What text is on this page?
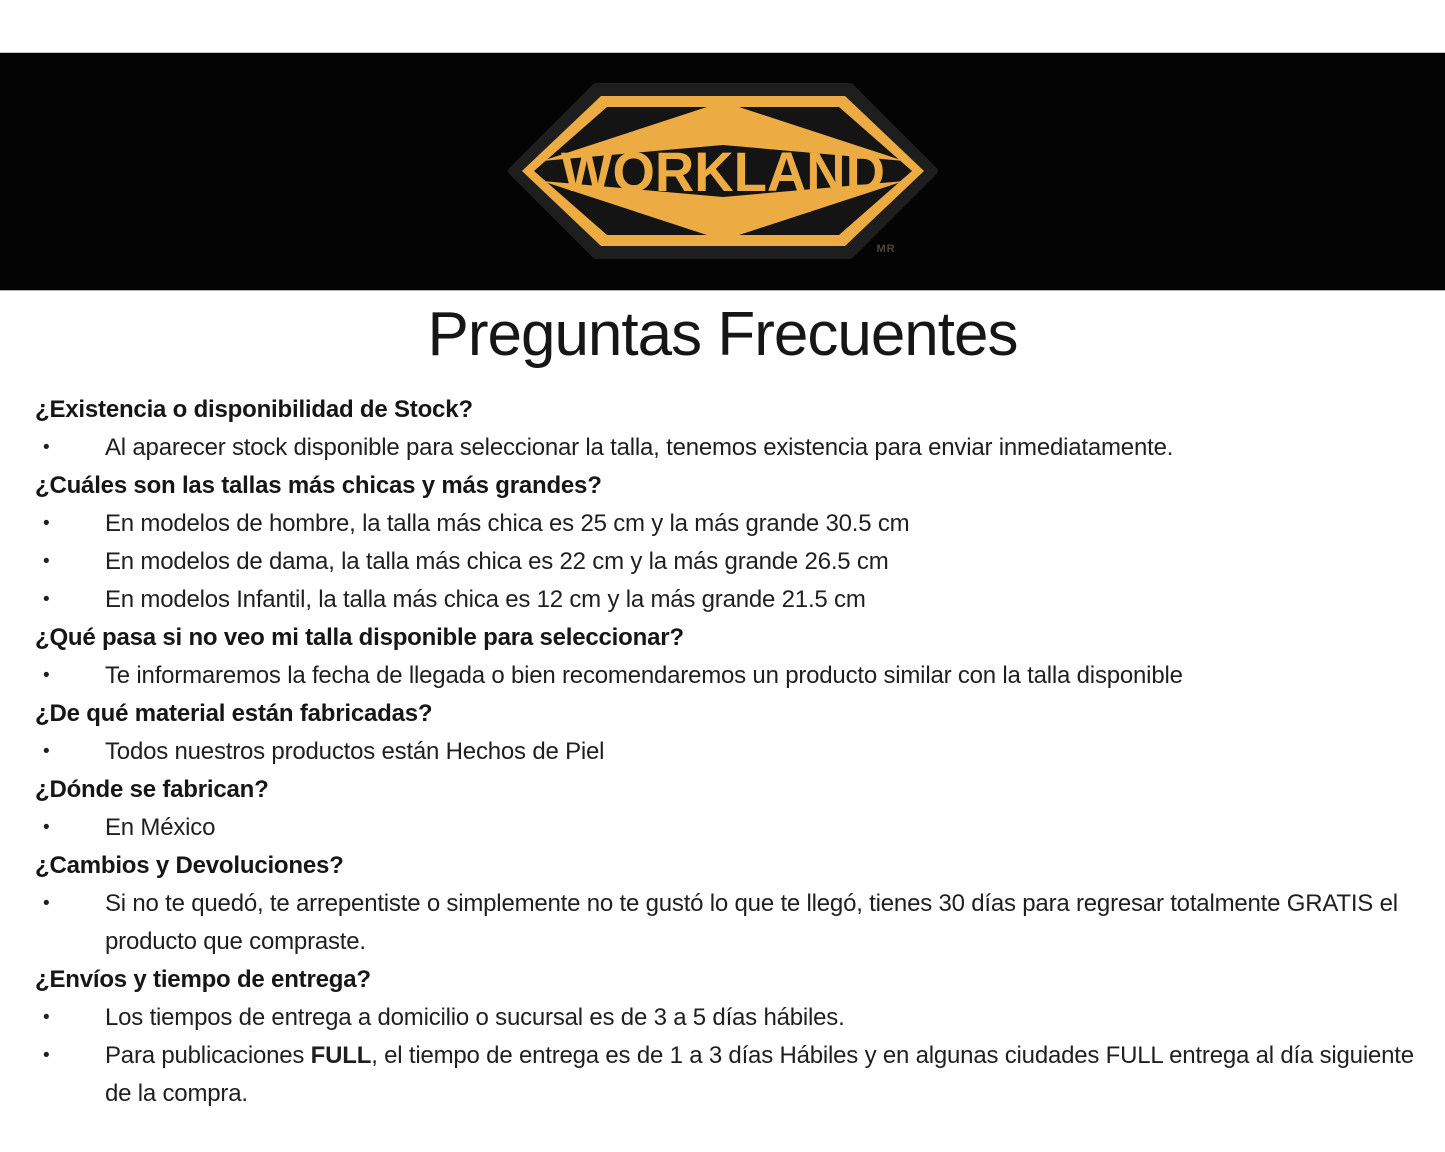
WORKLAND
MR
Preguntas Frecuentes
¿Existencia o disponibilidad de Stock?
•	Al aparecer stock disponible para seleccionar la talla, tenemos existencia para enviar inmediatamente.
¿Cuáles son las tallas más chicas y más grandes?
•	En modelos de hombre, la talla más chica es 25 cm y la más grande 30.5 cm
•	En modelos de dama, la talla más chica es 22 cm y la más grande 26.5 cm
•	En modelos Infantil, la talla más chica es 12 cm y la más grande 21.5 cm
¿Qué pasa si no veo mi talla disponible para seleccionar?
•	Te informaremos la fecha de llegada o bien recomendaremos un producto similar con la talla disponible
¿De qué material están fabricadas?
•	Todos nuestros productos están Hechos de Piel
¿Dónde se fabrican?
•	En México
¿Cambios y Devoluciones?
•	Si no te quedó, te arrepentiste o simplemente no te gustó lo que te llegó, tienes 30 días para regresar totalmente GRATIS el producto que compraste.
¿Envíos y tiempo de entrega?
•	Los tiempos de entrega a domicilio o sucursal es de 3 a 5 días hábiles.
•	Para publicaciones FULL, el tiempo de entrega es de 1 a 3 días Hábiles y en algunas ciudades FULL entrega al día siguiente de la compra.
